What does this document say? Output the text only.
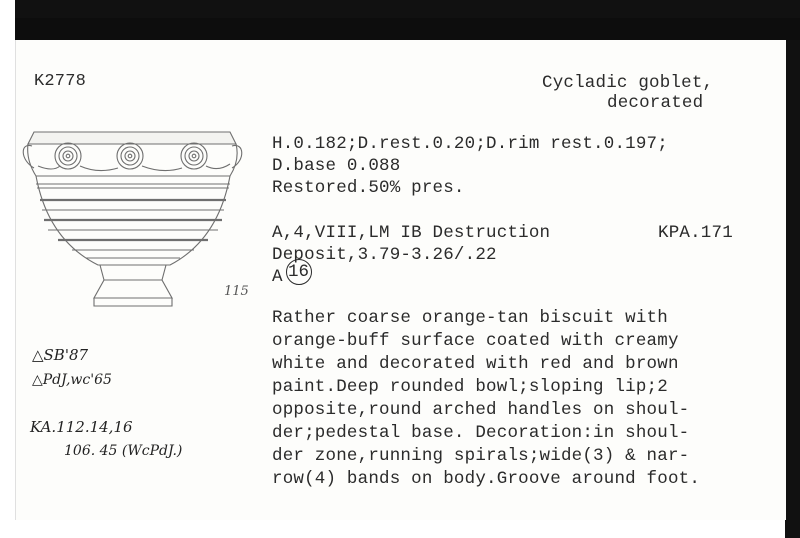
K2778	Cycladic goblet,
decorated
H.0.182;D.rest.0.20;D.rim rest.0.197;
D.base 0.088
Restored.50% pres.
A,4,VIII,LM IB Destruction	KPA.171
Deposit,3.79-3.26/.22
A 16
115
Rather coarse orange-tan biscuit with
orange-buff surface coated with creamy
white and decorated with red and brown
paint.Deep rounded bowl;sloping lip;2
opposite,round arched handles on shoul-
der;pedestal base. Decoration:in shoul-
der zone,running spirals;wide(3) & nar-
row(4) bands on body.Groove around foot.
△SB'87
△PdJ,wc'65
KA.112.14,16
106. 45 (WcPdJ.)
